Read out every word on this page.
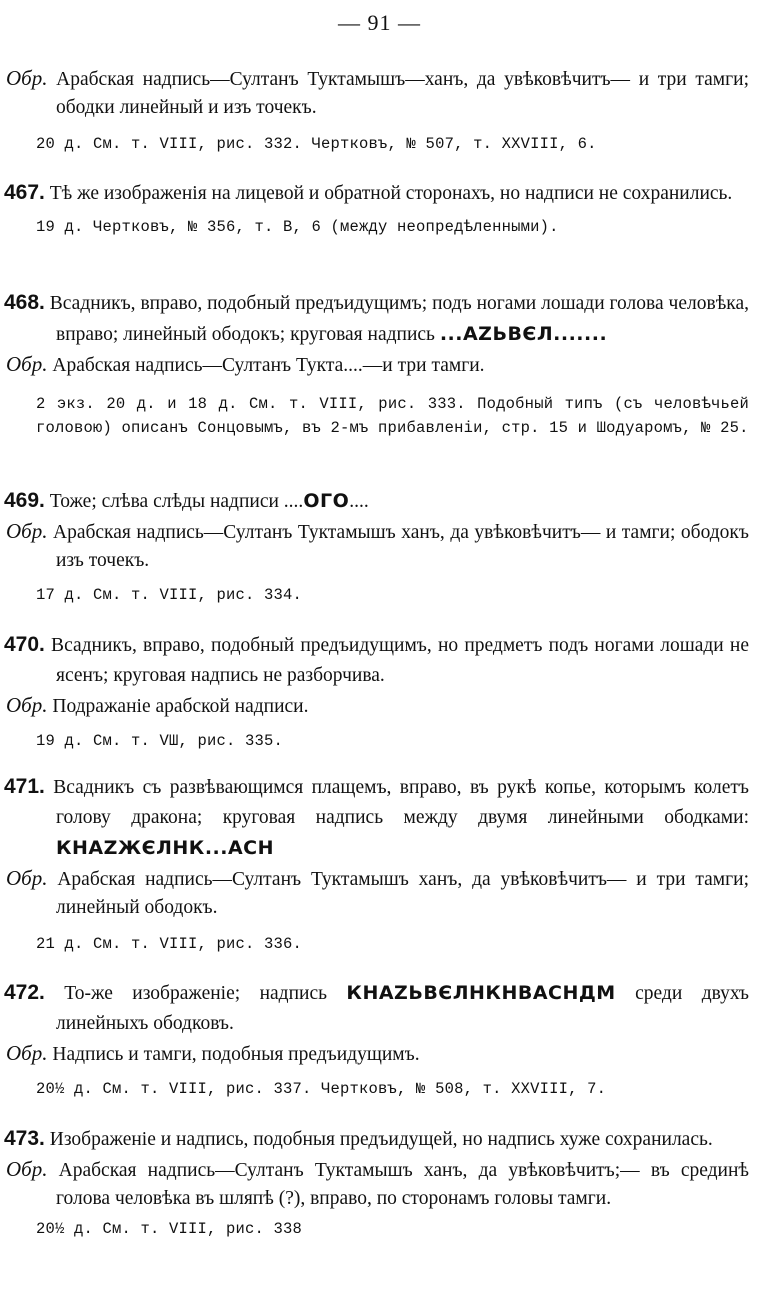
— 91 —
Обр. Арабская надпись—Султанъ Туктамышъ—ханъ, да увѣковѣчитъ— и три тамги; ободки линейный и изъ точекъ.
20 д. См. т. VIII, рис. 332. Чертковъ, № 507, т. XXVIII, 6.
467. Тѣ же изображенія на лицевой и обратной сторонахъ, но надписи не сохранились.
19 д. Чертковъ, № 356, т. В, 6 (между неопредѣленными).
468. Всадникъ, вправо, подобный предъидущимъ; подъ ногами лошади голова человѣка, вправо; линейный ободокъ; круговая надпись ...АZЬВЄЛ.......
Обр. Арабская надпись—Султанъ Тукта....—и три тамги.
2 экз. 20 д. и 18 д. См. т. VIII, рис. 333. Подобный типъ (съ человѣчьей головою) описанъ Сонцовымъ, въ 2-мъ прибавленіи, стр. 15 и Шодуаромъ, № 25.
469. Тоже; слѣва слѣды надписи ....ОГО....
Обр. Арабская надпись—Султанъ Туктамышъ ханъ, да увѣковѣчитъ— и тамги; ободокъ изъ точекъ.
17 д. См. т. VIII, рис. 334.
470. Всадникъ, вправо, подобный предъидущимъ, но предметъ подъ ногами лошади не ясенъ; круговая надпись не разборчива.
Обр. Подражаніе арабской надписи.
19 д. См. т. VШ, рис. 335.
471. Всадникъ съ развѣвающимся плащемъ, вправо, въ рукѣ копье, которымъ колетъ голову дракона; круговая надпись между двумя линейными ободками: КНАZЖЄЛНК...АСН
Обр. Арабская надпись—Султанъ Туктамышъ ханъ, да увѣковѣчитъ— и три тамги; линейный ободокъ.
21 д. См. т. VIII, рис. 336.
472. То-же изображеніе; надпись КНАZЬВЄЛНКНВАСНДМ среди двухъ линейныхъ ободковъ.
Обр. Надпись и тамги, подобныя предъидущимъ.
20½ д. См. т. VIII, рис. 337. Чертковъ, № 508, т. XXVIII, 7.
473. Изображеніе и надпись, подобныя предъидущей, но надпись хуже сохранилась.
Обр. Арабская надпись—Султанъ Туктамышъ ханъ, да увѣковѣчитъ;— въ срединѣ голова человѣка въ шляпѣ (?), вправо, по сторонамъ головы тамги.
20½ д. См. т. VIII, рис. 338
